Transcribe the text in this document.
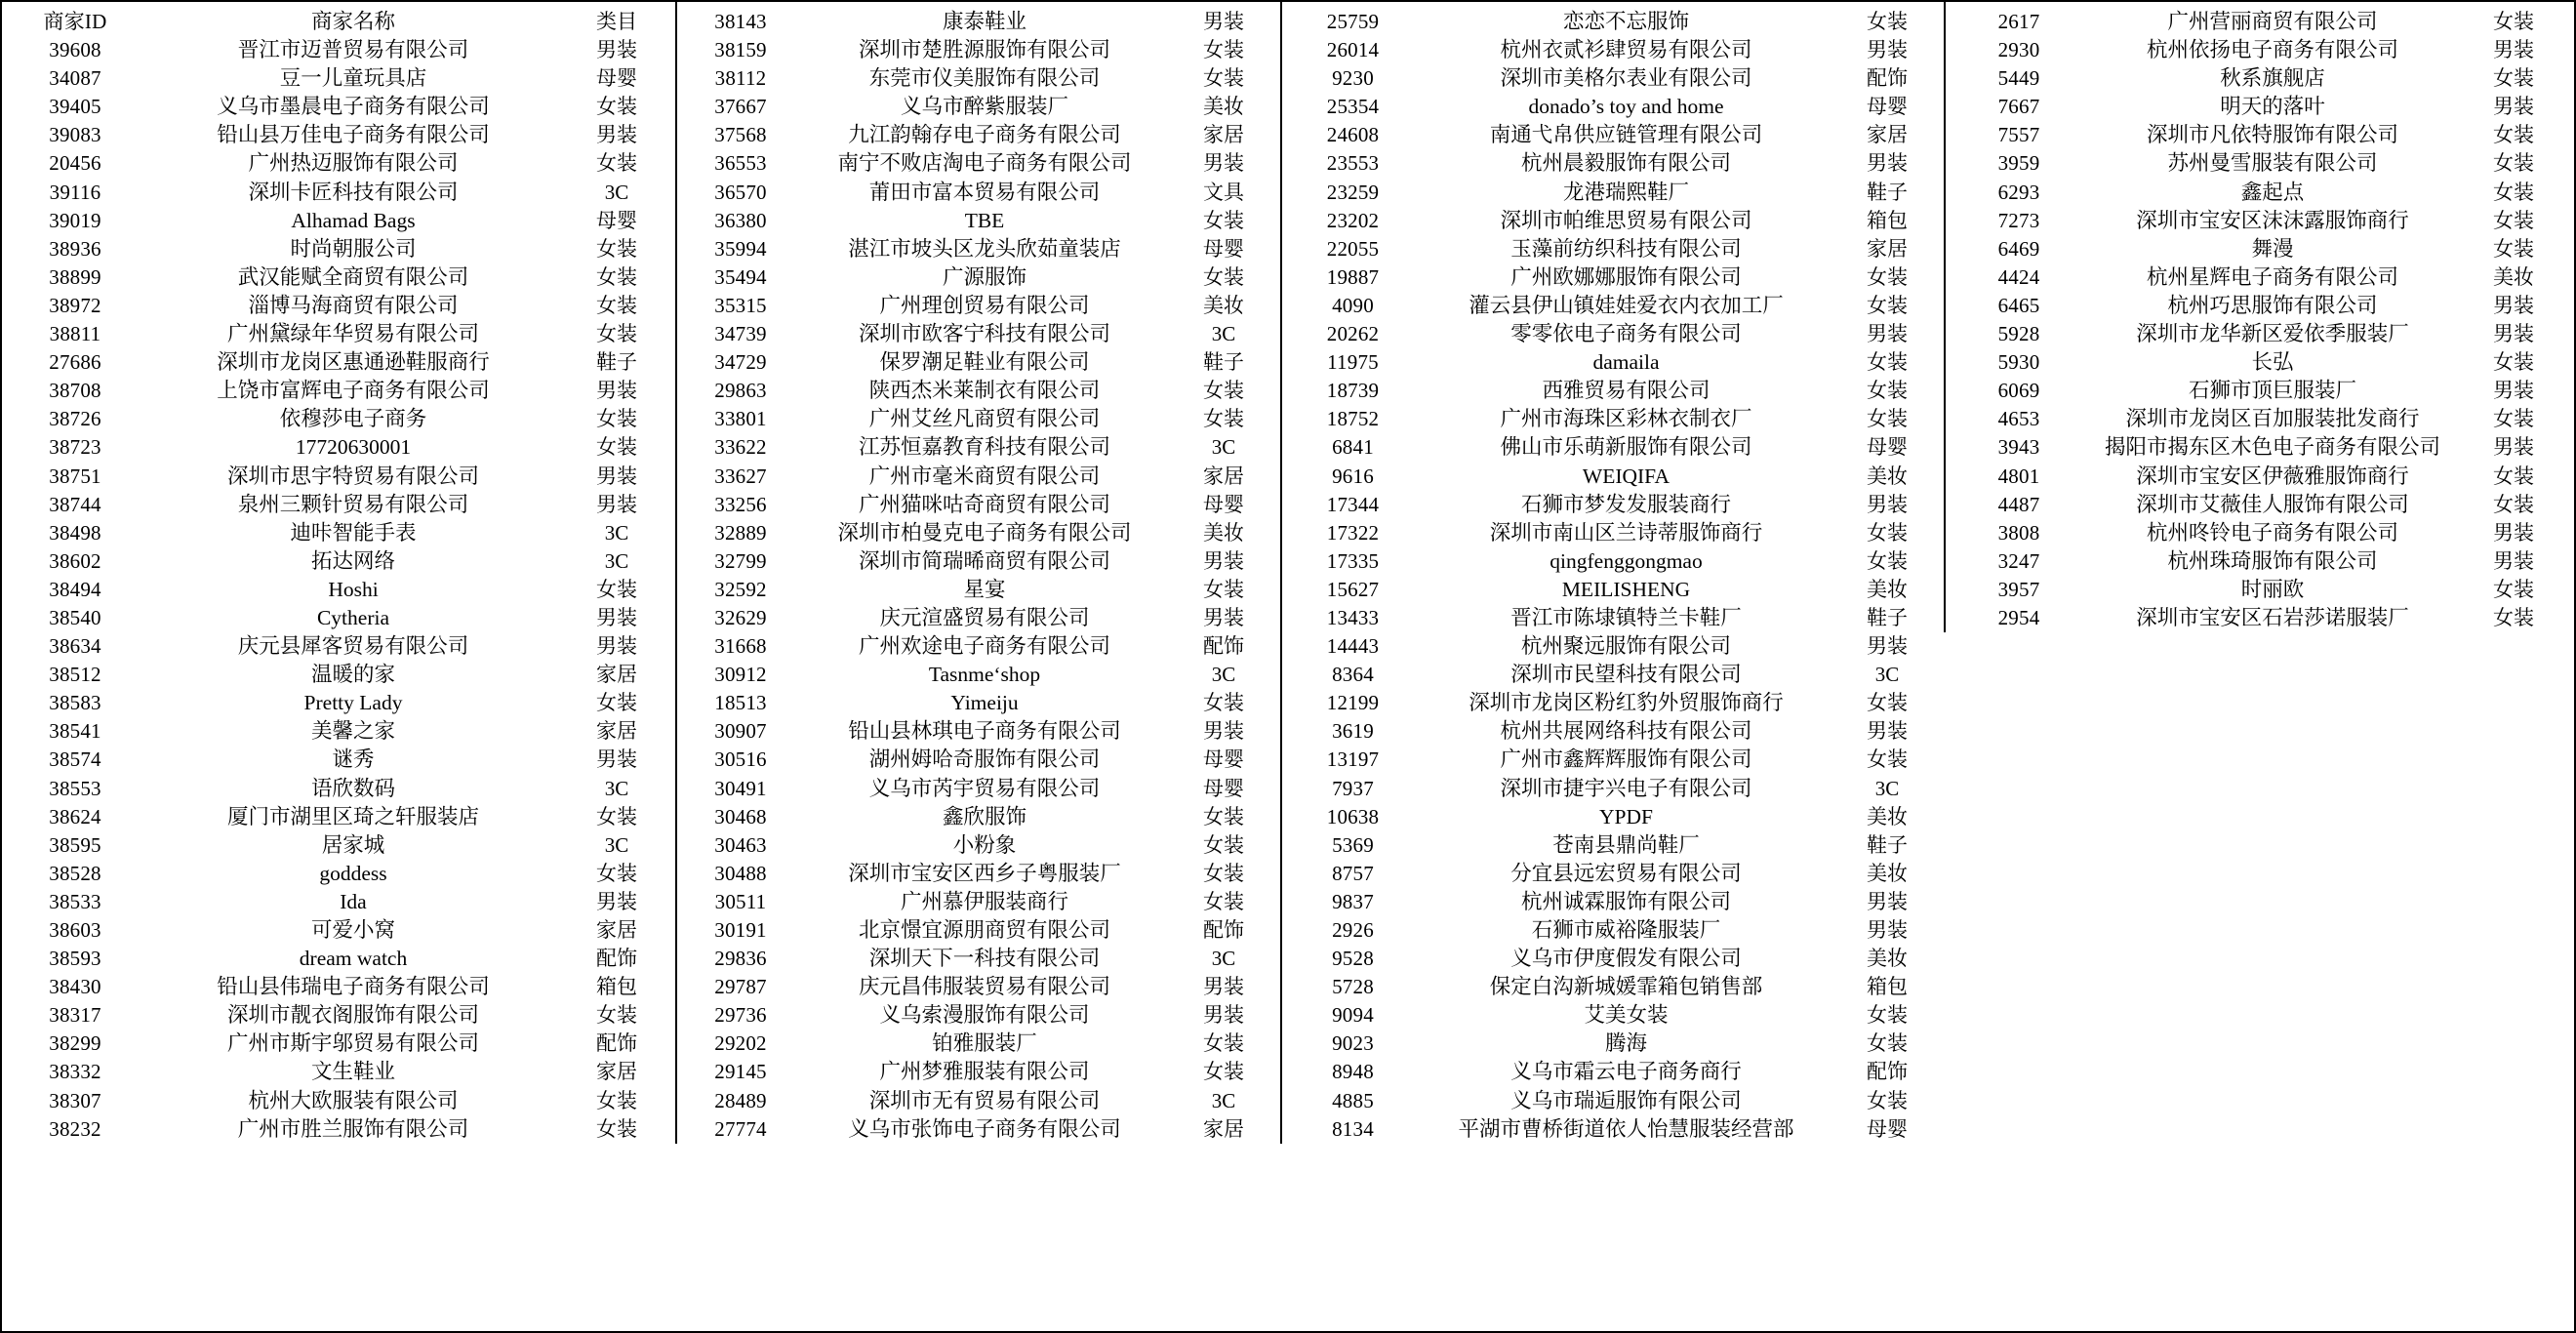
商家ID	商家名称	类目
39608	晋江市迈普贸易有限公司	男装
34087	豆一儿童玩具店	母婴
39405	义乌市墨晨电子商务有限公司	女装
39083	铅山县万佳电子商务有限公司	男装
20456	广州热迈服饰有限公司	女装
39116	深圳卡匠科技有限公司	3C
39019	Alhamad Bags	母婴
38936	时尚朝服公司	女装
38899	武汉能赋全商贸有限公司	女装
38972	淄博马海商贸有限公司	女装
38811	广州黛绿年华贸易有限公司	女装
27686	深圳市龙岗区惠通逊鞋服商行	鞋子
38708	上饶市富辉电子商务有限公司	男装
38726	依穆莎电子商务	女装
38723	17720630001	女装
38751	深圳市思宇特贸易有限公司	男装
38744	泉州三颗针贸易有限公司	男装
38498	迪咔智能手表	3C
38602	拓达网络	3C
38494	Hoshi	女装
38540	Cytheria	男装
38634	庆元县犀客贸易有限公司	男装
38512	温暖的家	家居
38583	Pretty Lady	女装
38541	美馨之家	家居
38574	谜秀	男装
38553	语欣数码	3C
38624	厦门市湖里区琦之轩服装店	女装
38595	居家城	3C
38528	goddess	女装
38533	Ida	男装
38603	可爱小窝	家居
38593	dream watch	配饰
38430	铅山县伟瑞电子商务有限公司	箱包
38317	深圳市靓衣阁服饰有限公司	女装
38299	广州市斯宇邬贸易有限公司	配饰
38332	文生鞋业	家居
38307	杭州大欧服装有限公司	女装
38232	广州市胜兰服饰有限公司	女装
38143	康泰鞋业	男装
38159	深圳市楚胜源服饰有限公司	女装
38112	东莞市仪美服饰有限公司	女装
37667	义乌市醉紫服装厂	美妆
37568	九江韵翰存电子商务有限公司	家居
36553	南宁不败店淘电子商务有限公司	男装
36570	莆田市富本贸易有限公司	文具
36380	TBE	女装
35994	湛江市坡头区龙头欣茹童装店	母婴
35494	广源服饰	女装
35315	广州理创贸易有限公司	美妆
34739	深圳市欧客宁科技有限公司	3C
34729	保罗潮足鞋业有限公司	鞋子
29863	陕西杰米莱制衣有限公司	女装
33801	广州艾丝凡商贸有限公司	女装
33622	江苏恒嘉教育科技有限公司	3C
33627	广州市毫米商贸有限公司	家居
33256	广州猫咪咕奇商贸有限公司	母婴
32889	深圳市柏曼克电子商务有限公司	美妆
32799	深圳市简瑞晞商贸有限公司	男装
32592	星宴	女装
32629	庆元渲盛贸易有限公司	男装
31668	广州欢途电子商务有限公司	配饰
30912	Tasnme‘shop	3C
18513	Yimeiju	女装
30907	铅山县林琪电子商务有限公司	男装
30516	湖州姆哈奇服饰有限公司	母婴
30491	义乌市芮宇贸易有限公司	母婴
30468	鑫欣服饰	女装
30463	小粉象	女装
30488	深圳市宝安区西乡子粤服装厂	女装
30511	广州慕伊服装商行	女装
30191	北京憬宜源朋商贸有限公司	配饰
29836	深圳天下一科技有限公司	3C
29787	庆元昌伟服装贸易有限公司	男装
29736	义乌索漫服饰有限公司	男装
29202	铂雅服装厂	女装
29145	广州梦雅服装有限公司	女装
28489	深圳市无有贸易有限公司	3C
27774	义乌市张饰电子商务有限公司	家居
25759	恋恋不忘服饰	女装
26014	杭州衣贰衫肆贸易有限公司	男装
9230	深圳市美格尔表业有限公司	配饰
25354	donado’s toy and home	母婴
24608	南通弋帛供应链管理有限公司	家居
23553	杭州晨毅服饰有限公司	男装
23259	龙港瑞熙鞋厂	鞋子
23202	深圳市帕维思贸易有限公司	箱包
22055	玉藻前纺织科技有限公司	家居
19887	广州欧娜娜服饰有限公司	女装
4090	灌云县伊山镇娃娃爱衣内衣加工厂	女装
20262	零零依电子商务有限公司	男装
11975	damaila	女装
18739	西雅贸易有限公司	女装
18752	广州市海珠区彩林衣制衣厂	女装
6841	佛山市乐萌新服饰有限公司	母婴
9616	WEIQIFA	美妆
17344	石狮市梦发发服装商行	男装
17322	深圳市南山区兰诗蒂服饰商行	女装
17335	qingfenggongmao	女装
15627	MEILISHENG	美妆
13433	晋江市陈埭镇特兰卡鞋厂	鞋子
14443	杭州聚远服饰有限公司	男装
8364	深圳市民望科技有限公司	3C
12199	深圳市龙岗区粉红豹外贸服饰商行	女装
3619	杭州共展网络科技有限公司	男装
13197	广州市鑫辉辉服饰有限公司	女装
7937	深圳市捷宇兴电子有限公司	3C
10638	YPDF	美妆
5369	苍南县鼎尚鞋厂	鞋子
8757	分宜县远宏贸易有限公司	美妆
9837	杭州诚霖服饰有限公司	男装
2926	石狮市威裕隆服装厂	男装
9528	义乌市伊度假发有限公司	美妆
5728	保定白沟新城媛霏箱包销售部	箱包
9094	艾美女装	女装
9023	腾海	女装
8948	义乌市霜云电子商务商行	配饰
4885	义乌市瑞逅服饰有限公司	女装
8134	平湖市曹桥街道依人怡慧服装经营部	母婴
2617	广州营丽商贸有限公司	女装
2930	杭州依扬电子商务有限公司	男装
5449	秋系旗舰店	女装
7667	明天的落叶	男装
7557	深圳市凡依特服饰有限公司	女装
3959	苏州曼雪服装有限公司	女装
6293	鑫起点	女装
7273	深圳市宝安区沫沫露服饰商行	女装
6469	舞漫	女装
4424	杭州星辉电子商务有限公司	美妆
6465	杭州巧思服饰有限公司	男装
5928	深圳市龙华新区爱依季服装厂	男装
5930	长弘	女装
6069	石狮市顶巨服装厂	男装
4653	深圳市龙岗区百加服装批发商行	女装
3943	揭阳市揭东区木色电子商务有限公司	男装
4801	深圳市宝安区伊薇雅服饰商行	女装
4487	深圳市艾薇佳人服饰有限公司	女装
3808	杭州咚铃电子商务有限公司	男装
3247	杭州珠琦服饰有限公司	男装
3957	时丽欧	女装
2954	深圳市宝安区石岩莎诺服装厂	女装
